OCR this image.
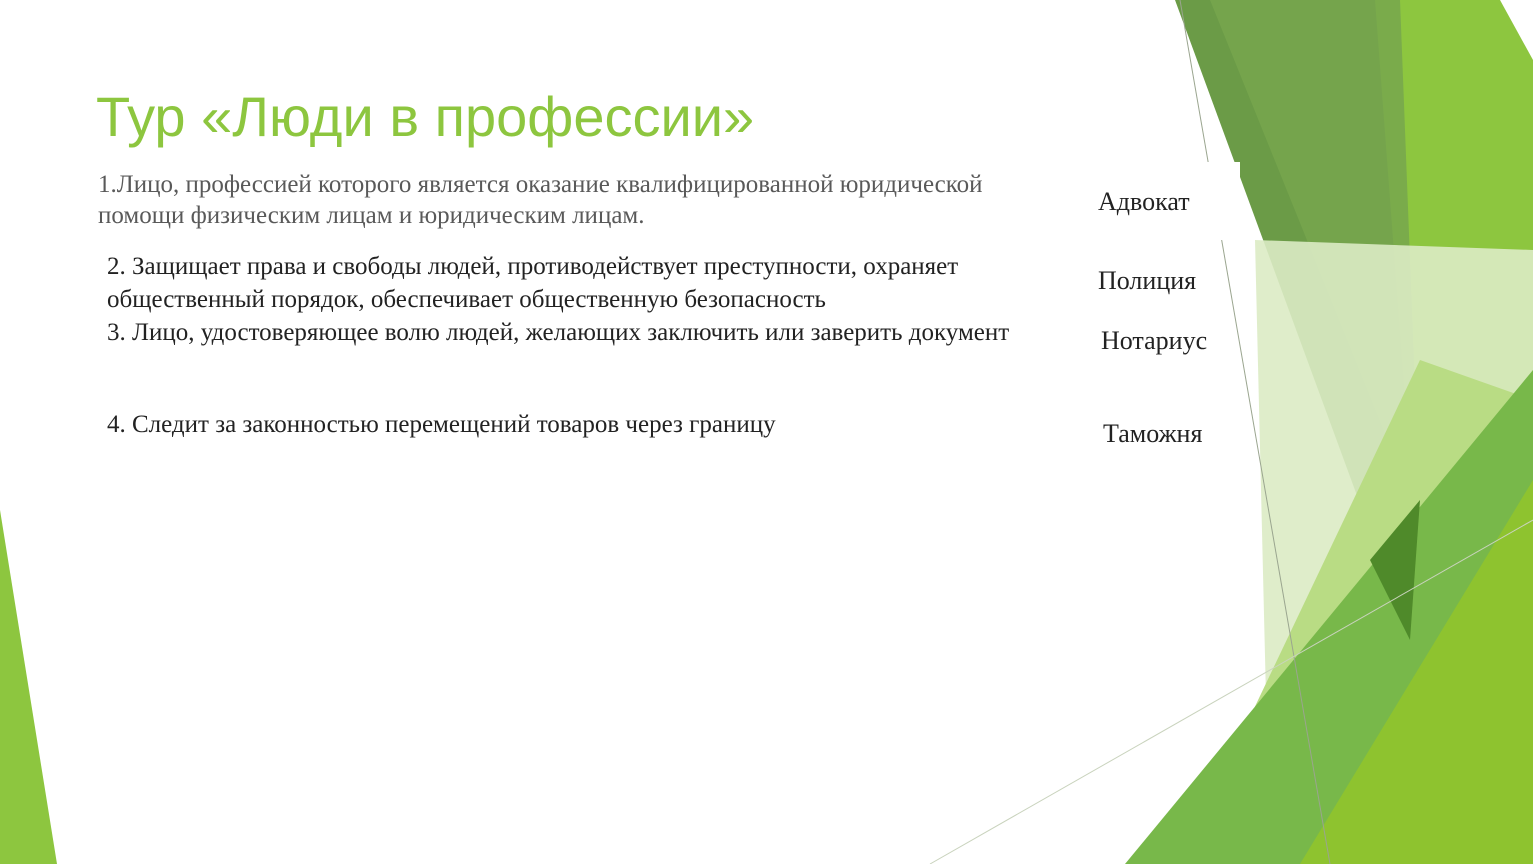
Тур «Люди в профессии»

1.Лицо, профессией которого является оказание квалифицированной юридической помощи физическим лицам и юридическим лицам.

2. Защищает права и свободы людей, противодействует преступности, охраняет общественный порядок, обеспечивает общественную безопасность

3. Лицо, удостоверяющее волю людей, желающих заключить или заверить документ

4. Следит за законностью перемещений товаров через границу

Адвокат
Полиция
Нотариус
Таможня
